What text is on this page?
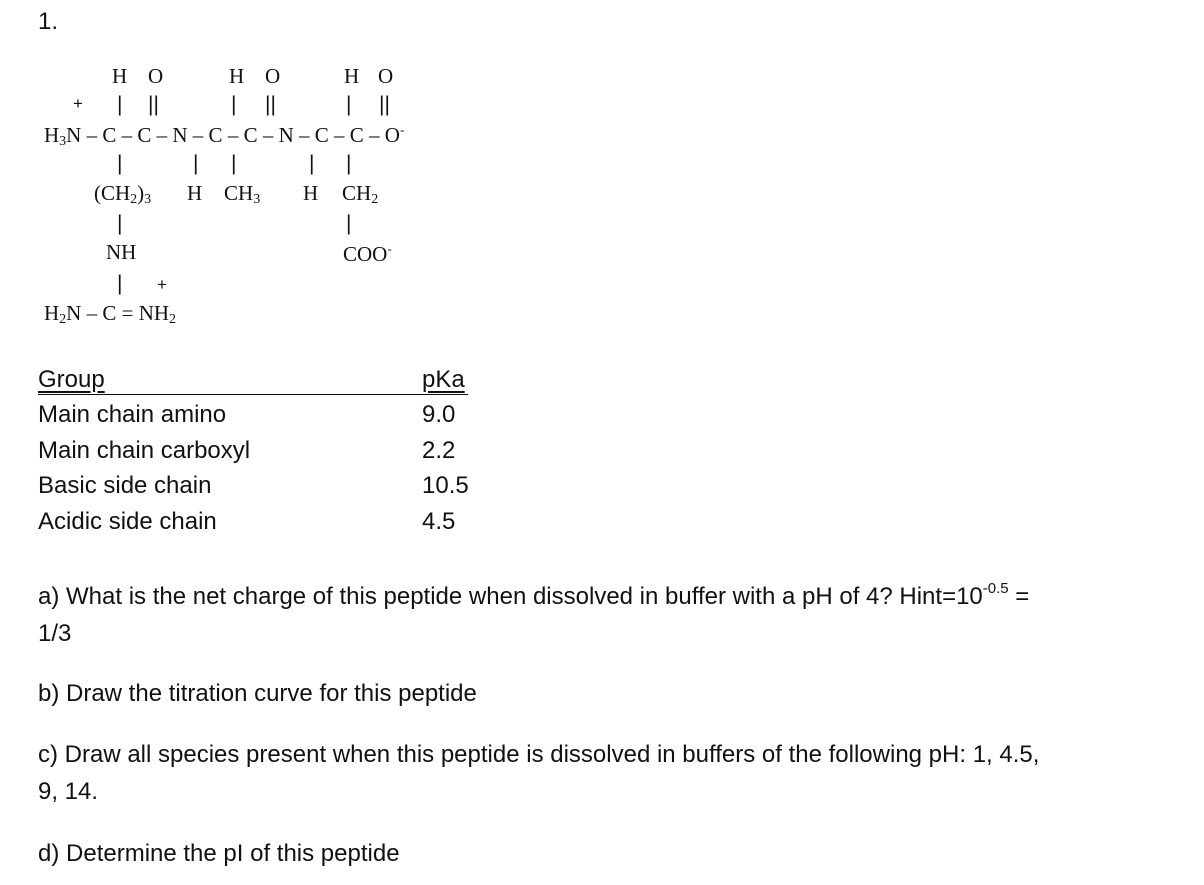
1.
H O	H O	H O
+ | ||	| ||	| ||
$H_3N$ – C – C – N – C – C – N – C – C – O-
|	| |	| |
$(CH_2)_3$ H $CH_3$ H $CH_2$
|	|
NH	COO-
| +
$H_2N - C = NH_2$
Group	pKa
Main chain amino	9.0
Main chain carboxyl	2.2
Basic side chain	10.5
Acidic side chain	4.5
a) What is the net charge of this peptide when dissolved in buffer with a pH of 4? $Hint=10^{-0.5}$ =
1/3
b) Draw the titration curve for this peptide
c) Draw all species present when this peptide is dissolved in buffers of the following pH: 1, 4.5,
9, 14.
d) Determine the pI of this peptide
